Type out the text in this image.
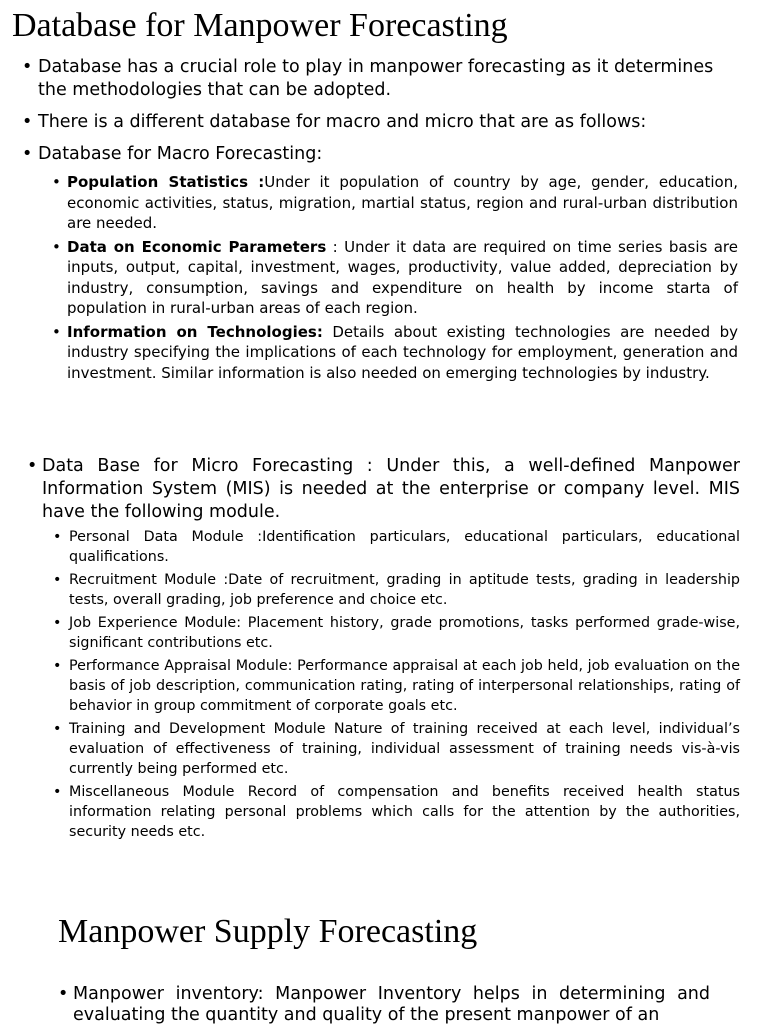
Database for Manpower Forecasting
• Database has a crucial role to play in manpower forecasting as it determines the methodologies that can be adopted.
• There is a different database for macro and micro that are as follows:
• Database for Macro Forecasting:
• Population Statistics :Under it population of country by age, gender, education, economic activities, status, migration, martial status, region and rural-urban distribution are needed.
• Data on Economic Parameters : Under it data are required on time series basis are inputs, output, capital, investment, wages, productivity, value added, depreciation by industry, consumption, savings and expenditure on health by income starta of population in rural-urban areas of each region.
• Information on Technologies: Details about existing technologies are needed by industry specifying the implications of each technology for employment, generation and investment. Similar information is also needed on emerging technologies by industry.
• Data Base for Micro Forecasting : Under this, a well-defined Manpower Information System (MIS) is needed at the enterprise or company level. MIS have the following module.
• Personal Data Module :Identification particulars, educational particulars, educational qualifications.
• Recruitment Module :Date of recruitment, grading in aptitude tests, grading in leadership tests, overall grading, job preference and choice etc.
• Job Experience Module: Placement history, grade promotions, tasks performed grade-wise, significant contributions etc.
• Performance Appraisal Module: Performance appraisal at each job held, job evaluation on the basis of job description, communication rating, rating of interpersonal relationships, rating of behavior in group commitment of corporate goals etc.
• Training and Development Module Nature of training received at each level, individual’s evaluation of effectiveness of training, individual assessment of training needs vis-à-vis currently being performed etc.
• Miscellaneous Module Record of compensation and benefits received health status information relating personal problems which calls for the attention by the authorities, security needs etc.
Manpower Supply Forecasting
• Manpower inventory: Manpower Inventory helps in determining and evaluating the quantity and quality of the present manpower of an
